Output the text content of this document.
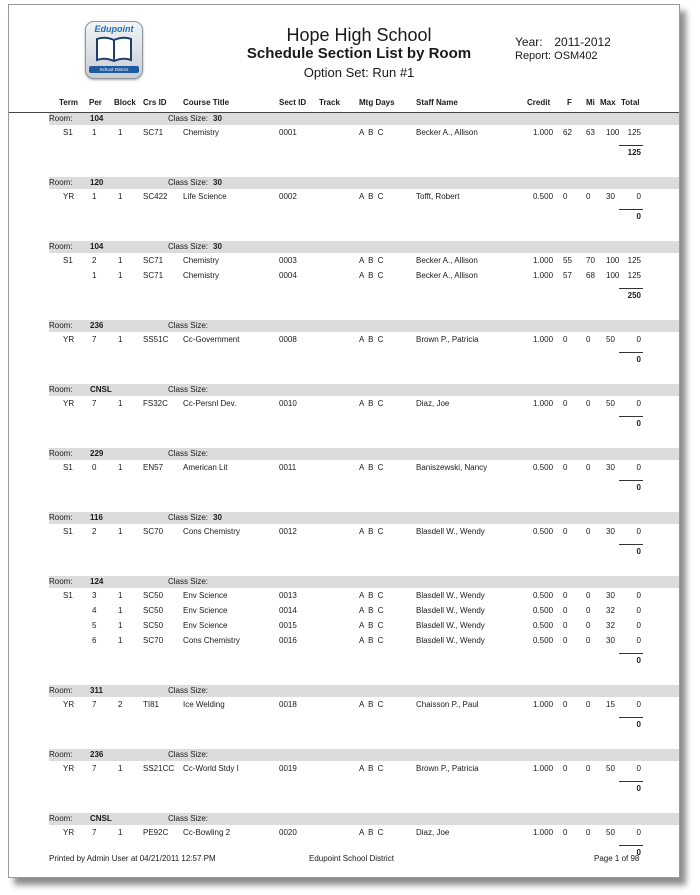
Edupoint
School District
Hope High School
Schedule Section List by Room
Option Set: Run #1
Year: 2011-2012
Report: OSM402
Term Per Block Crs ID Course Title	Sect ID Track Mtg Days	Staff Name	Credit F Mi Max Total
Room: 104	Class Size: 30
S1 1	1	SC71 Chemistry	0001	A B C	Becker A., Allison	1.000 62 63 100 125
125
Room: 120	Class Size: 30
YR 1	1	SC422 Life Science	0002	A B C	Tofft, Robert	0.500 0 0 30	0
0
Room: 104	Class Size: 30
S1 2	1	SC71 Chemistry	0003	A B C	Becker A., Allison	1.000 55 70 100 125
1	1	SC71 Chemistry	0004	A B C	Becker A., Allison	1.000 57 68 100 125
250
Room: 236	Class Size:
YR 7	1	SS51C Cc-Government	0008	A B C	Brown P., Patricia	1.000 0 0 50	0
0
Room: CNSL	Class Size:
YR 7	1	FS32C Cc-Persnl Dev.	0010	A B C	Diaz, Joe	1.000 0 0 50	0
0
Room: 229	Class Size:
S1 0	1	EN57 American Lit	0011	A B C	Baniszewski, Nancy	0.500 0 0 30	0
0
Room: 116	Class Size: 30
S1 2	1	SC70 Cons Chemistry	0012	A B C	Blasdell W., Wendy	0.500 0 0 30	0
0
Room: 124	Class Size:
S1 3	1	SC50 Env Science	0013	A B C	Blasdell W., Wendy	0.500 0 0 30	0
4	1	SC50 Env Science	0014	A B C	Blasdell W., Wendy	0.500 0 0 32	0
5	1	SC50 Env Science	0015	A B C	Blasdell W., Wendy	0.500 0 0 32	0
6	1	SC70 Cons Chemistry	0016	A B C	Blasdell W., Wendy	0.500 0 0 30	0
0
Room: 311	Class Size:
YR 7	2	TI81	Ice Welding	0018	A B C	Chaisson P., Paul	1.000 0 0 15	0
0
Room: 236	Class Size:
YR 7	1	SS21CC Cc-World Stdy I	0019	A B C	Brown P., Patricia	1.000 0 0 50	0
0
Room: CNSL	Class Size:
YR 7	1	PE92C Cc-Bowling 2	0020	A B C	Diaz, Joe	1.000 0 0 50	0
0
Printed by Admin User at 04/21/2011 12:57 PM	Edupoint School District	Page 1 of 98
